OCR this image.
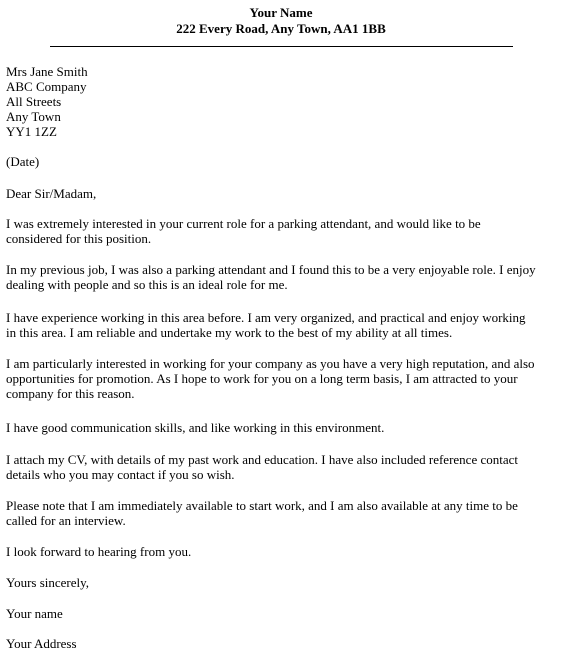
Your Name
222 Every Road, Any Town, AA1 1BB
Mrs Jane Smith
ABC Company
All Streets
Any Town
YY1 1ZZ
(Date)
Dear Sir/Madam,
I was extremely interested in your current role for a parking attendant, and would like to be
considered for this position.
In my previous job, I was also a parking attendant and I found this to be a very enjoyable role. I enjoy
dealing with people and so this is an ideal role for me.
I have experience working in this area before. I am very organized, and practical and enjoy working
in this area. I am reliable and undertake my work to the best of my ability at all times.
I am particularly interested in working for your company as you have a very high reputation, and also
opportunities for promotion. As I hope to work for you on a long term basis, I am attracted to your
company for this reason.
I have good communication skills, and like working in this environment.
I attach my CV, with details of my past work and education. I have also included reference contact
details who you may contact if you so wish.
Please note that I am immediately available to start work, and I am also available at any time to be
called for an interview.
I look forward to hearing from you.
Yours sincerely,
Your name
Your Address
